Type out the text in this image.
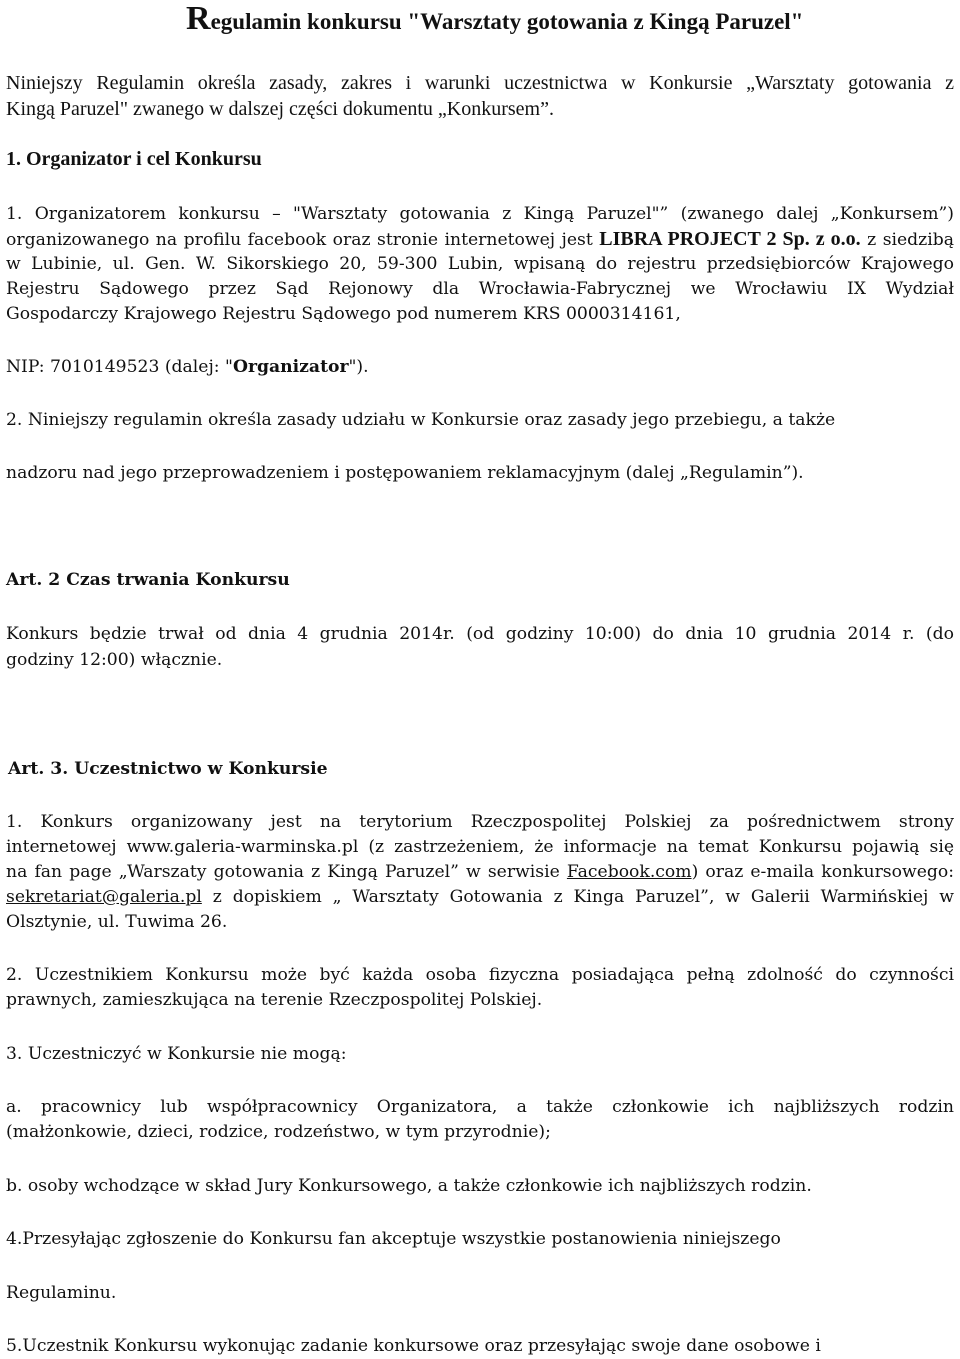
Regulamin konkursu "Warsztaty gotowania z Kingą Paruzel"
Niniejszy Regulamin określa zasady, zakres i warunki uczestnictwa w Konkursie „Warsztaty gotowania z
Kingą Paruzel" zwanego w dalszej części dokumentu „Konkursem”.
1. Organizator i cel Konkursu
1. Organizatorem konkursu – "Warsztaty gotowania z Kingą Paruzel"” (zwanego dalej „Konkursem”)
organizowanego na profilu facebook oraz stronie internetowej jest LIBRA PROJECT 2 Sp. z o.o. z siedzibą
w Lubinie, ul. Gen. W. Sikorskiego 20, 59-300 Lubin, wpisaną do rejestru przedsiębiorców Krajowego
Rejestru Sądowego przez Sąd Rejonowy dla Wrocławia-Fabrycznej we Wrocławiu IX Wydział
Gospodarczy Krajowego Rejestru Sądowego pod numerem KRS 0000314161,
NIP: 7010149523 (dalej: "Organizator").
2. Niniejszy regulamin określa zasady udziału w Konkursie oraz zasady jego przebiegu, a także
nadzoru nad jego przeprowadzeniem i postępowaniem reklamacyjnym (dalej „Regulamin”).
Art. 2 Czas trwania Konkursu
Konkurs będzie trwał od dnia 4 grudnia 2014r. (od godziny 10:00) do dnia 10 grudnia 2014 r. (do
godziny 12:00) włącznie.
Art. 3. Uczestnictwo w Konkursie
1. Konkurs organizowany jest na terytorium Rzeczpospolitej Polskiej za pośrednictwem strony
internetowej www.galeria-warminska.pl (z zastrzeżeniem, że informacje na temat Konkursu pojawią się
na fan page „Warszaty gotowania z Kingą Paruzel” w serwisie Facebook.com) oraz e-maila konkursowego:
sekretariat@galeria.pl z dopiskiem „ Warsztaty Gotowania z Kinga Paruzel”, w Galerii Warmińskiej w
Olsztynie, ul. Tuwima 26.
2. Uczestnikiem Konkursu może być każda osoba fizyczna posiadająca pełną zdolność do czynności
prawnych, zamieszkująca na terenie Rzeczpospolitej Polskiej.
3. Uczestniczyć w Konkursie nie mogą:
a. pracownicy lub współpracownicy Organizatora, a także członkowie ich najbliższych rodzin
(małżonkowie, dzieci, rodzice, rodzeństwo, w tym przyrodnie);
b. osoby wchodzące w skład Jury Konkursowego, a także członkowie ich najbliższych rodzin.
4.Przesyłając zgłoszenie do Konkursu fan akceptuje wszystkie postanowienia niniejszego
Regulaminu.
5.Uczestnik Konkursu wykonując zadanie konkursowe oraz przesyłając swoje dane osobowe i
